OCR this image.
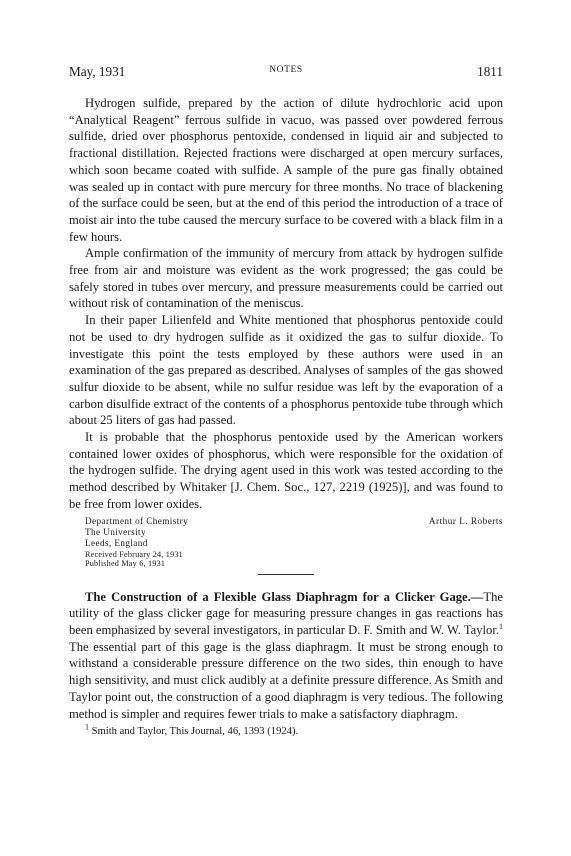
May, 1931	NOTES	1811

Hydrogen sulfide, prepared by the action of dilute hydrochloric acid upon “Analytical Reagent” ferrous sulfide in vacuo, was passed over powdered ferrous sulfide, dried over phosphorus pentoxide, condensed in liquid air and subjected to fractional distillation. Rejected fractions were discharged at open mercury surfaces, which soon became coated with sulfide. A sample of the pure gas finally obtained was sealed up in contact with pure mercury for three months. No trace of blackening of the surface could be seen, but at the end of this period the introduction of a trace of moist air into the tube caused the mercury surface to be covered with a black film in a few hours.

Ample confirmation of the immunity of mercury from attack by hydrogen sulfide free from air and moisture was evident as the work progressed; the gas could be safely stored in tubes over mercury, and pressure measurements could be carried out without risk of contamination of the meniscus.

In their paper Lilienfeld and White mentioned that phosphorus pentoxide could not be used to dry hydrogen sulfide as it oxidized the gas to sulfur dioxide. To investigate this point the tests employed by these authors were used in an examination of the gas prepared as described. Analyses of samples of the gas showed sulfur dioxide to be absent, while no sulfur residue was left by the evaporation of a carbon disulfide extract of the contents of a phosphorus pentoxide tube through which about 25 liters of gas had passed.

It is probable that the phosphorus pentoxide used by the American workers contained lower oxides of phosphorus, which were responsible for the oxidation of the hydrogen sulfide. The drying agent used in this work was tested according to the method described by Whitaker [J. Chem. Soc., 127, 2219 (1925)], and was found to be free from lower oxides.

Department of Chemistry
The University
Leeds, England
Received February 24, 1931
Published May 6, 1931
Arthur L. Roberts

The Construction of a Flexible Glass Diaphragm for a Clicker Gage.—The utility of the glass clicker gage for measuring pressure changes in gas reactions has been emphasized by several investigators, in particular D. F. Smith and W. W. Taylor.$^1$ The essential part of this gage is the glass diaphragm. It must be strong enough to withstand a considerable pressure difference on the two sides, thin enough to have high sensitivity, and must click audibly at a definite pressure difference. As Smith and Taylor point out, the construction of a good diaphragm is very tedious. The following method is simpler and requires fewer trials to make a satisfactory diaphragm.

$^1$ Smith and Taylor, This Journal, 46, 1393 (1924).
